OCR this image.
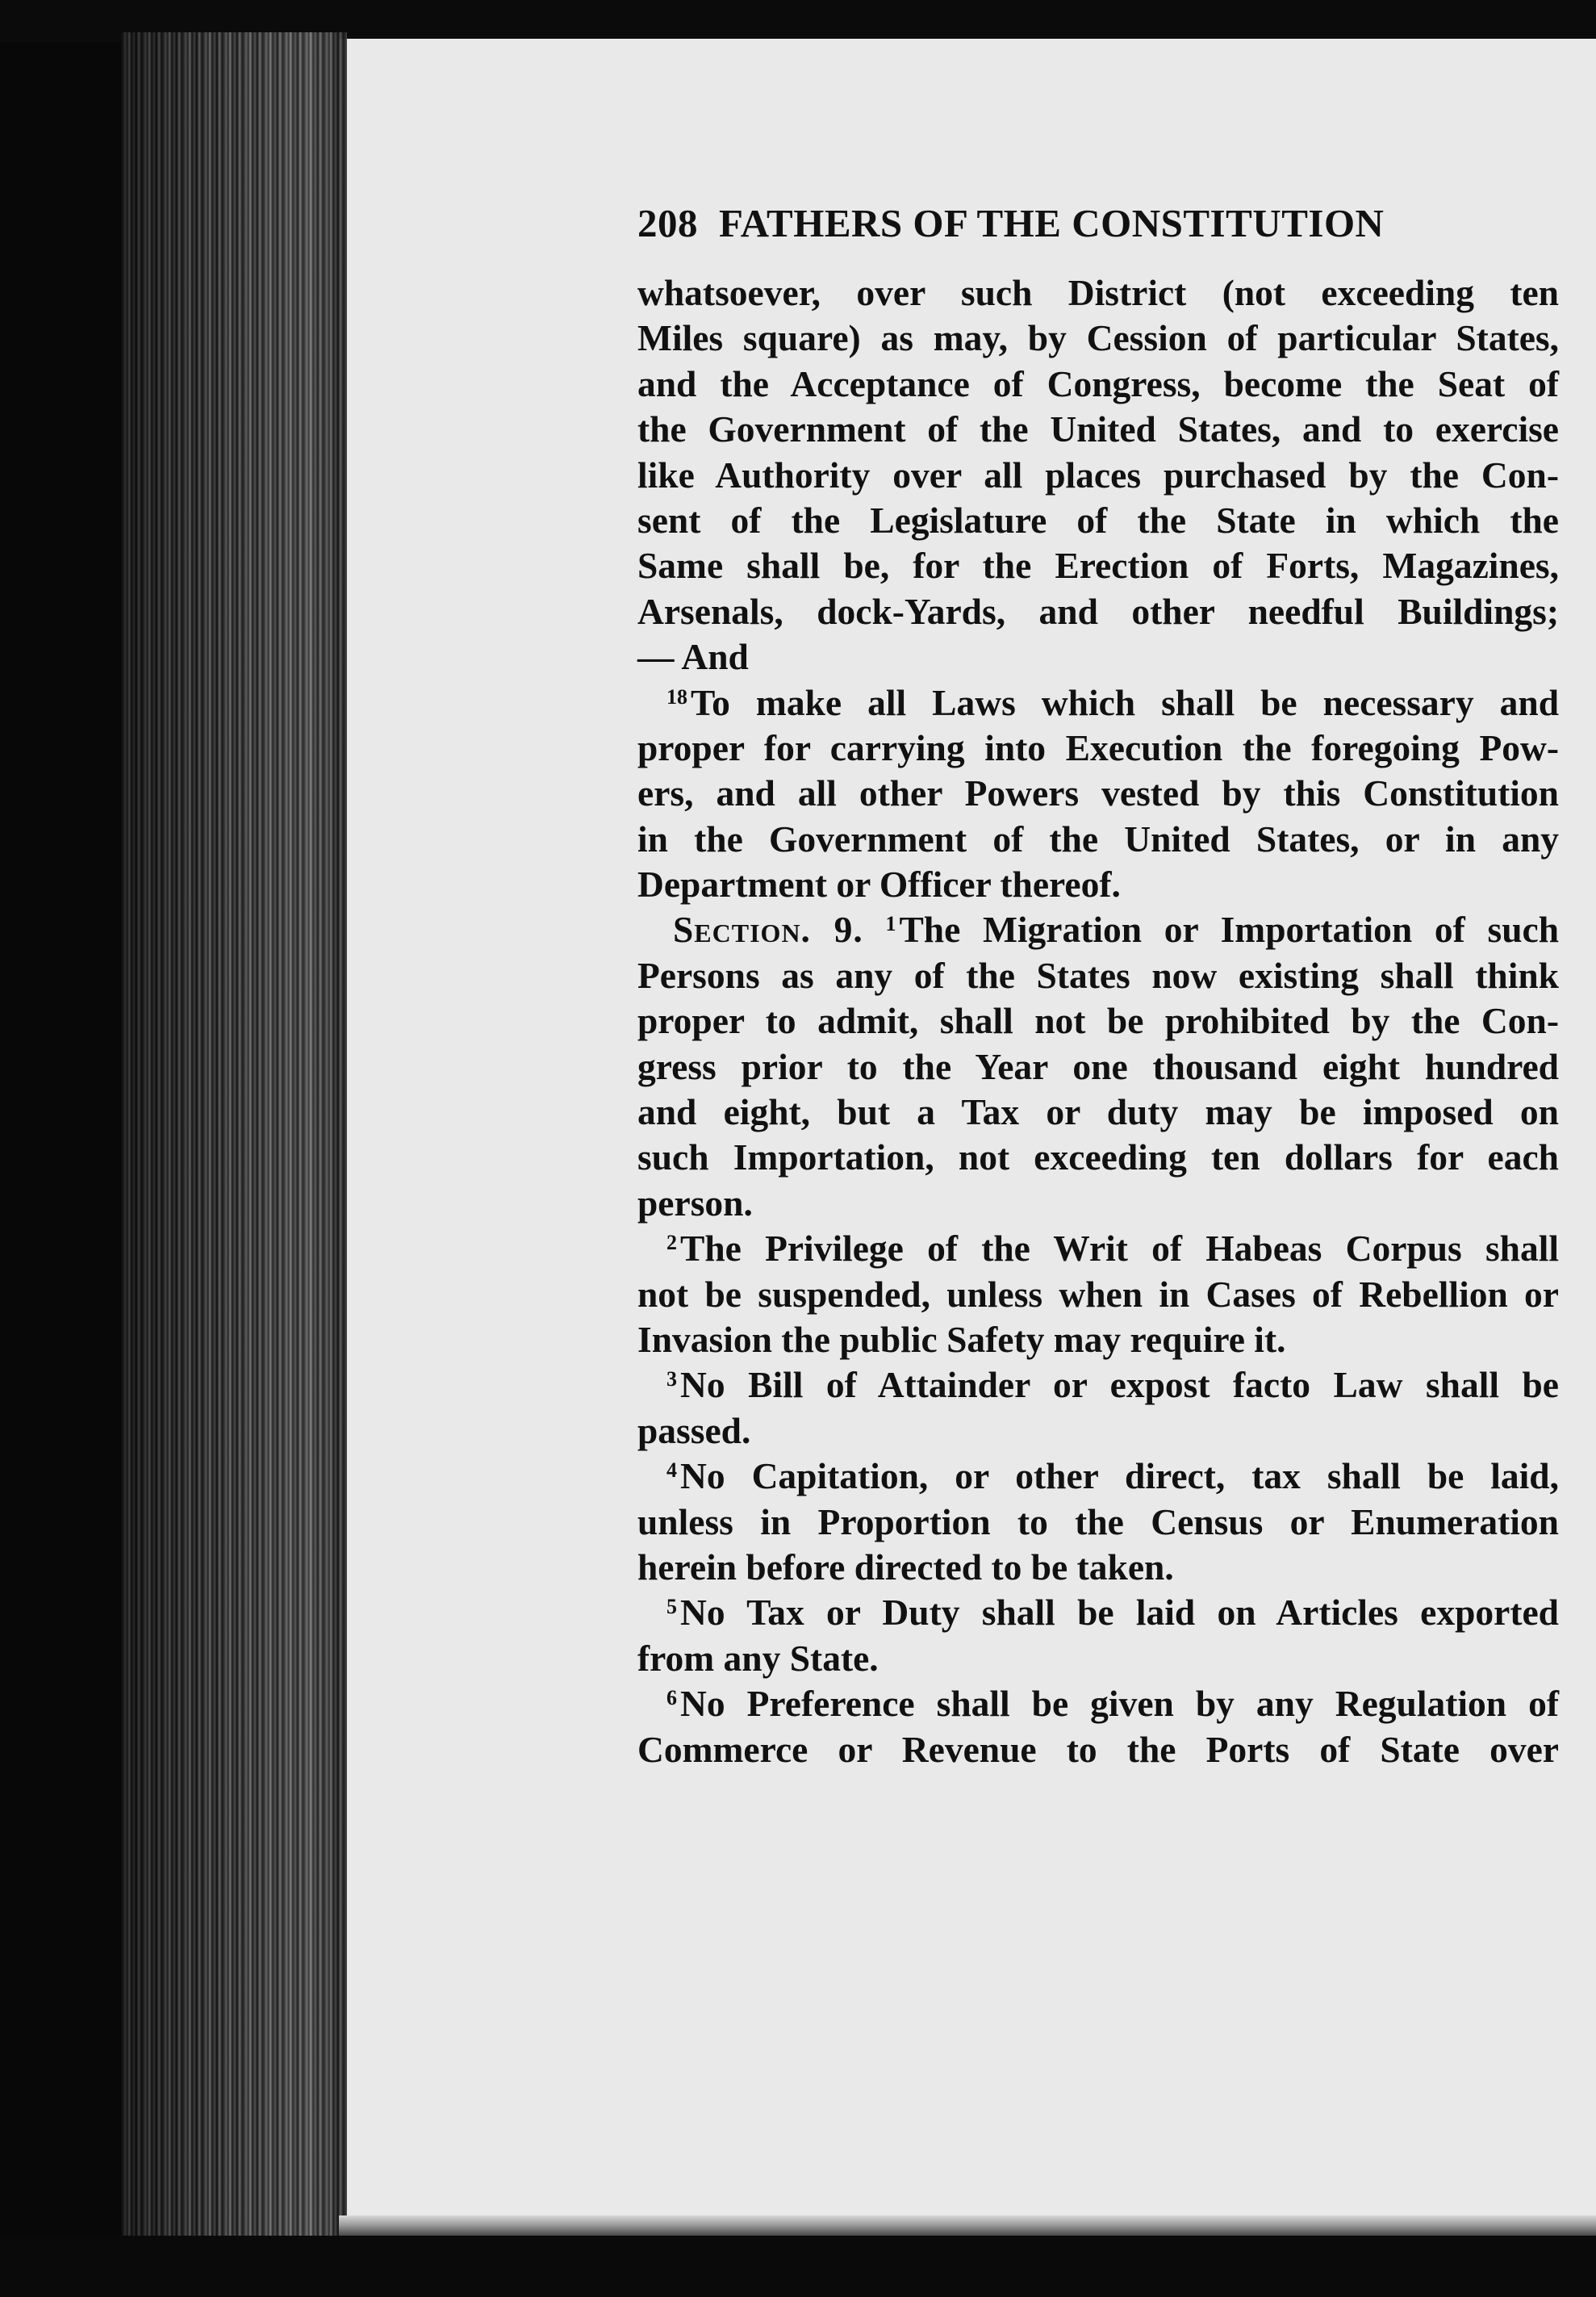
208 FATHERS OF THE CONSTITUTION
whatsoever, over such District (not exceeding ten
Miles square) as may, by Cession of particular States,
and the Acceptance of Congress, become the Seat of
the Government of the United States, and to exercise
like Authority over all places purchased by the Con-
sent of the Legislature of the State in which the
Same shall be, for the Erection of Forts, Magazines,
Arsenals, dock-Yards, and other needful Buildings;
— And
$^{18}$To make all Laws which shall be necessary and
proper for carrying into Execution the foregoing Pow-
ers, and all other Powers vested by this Constitution
in the Government of the United States, or in any
Department or Officer thereof.
Section. 9. $^1$The Migration or Importation of such
Persons as any of the States now existing shall think
proper to admit, shall not be prohibited by the Con-
gress prior to the Year one thousand eight hundred
and eight, but a Tax or duty may be imposed on
such Importation, not exceeding ten dollars for each
person.
$^2$The Privilege of the Writ of Habeas Corpus shall
not be suspended, unless when in Cases of Rebellion or
Invasion the public Safety may require it.
$^3$No Bill of Attainder or expost facto Law shall be
passed.
$^4$No Capitation, or other direct, tax shall be laid,
unless in Proportion to the Census or Enumeration
herein before directed to be taken.
$^5$No Tax or Duty shall be laid on Articles exported
from any State.
$^6$No Preference shall be given by any Regulation of
Commerce or Revenue to the Ports of State over
